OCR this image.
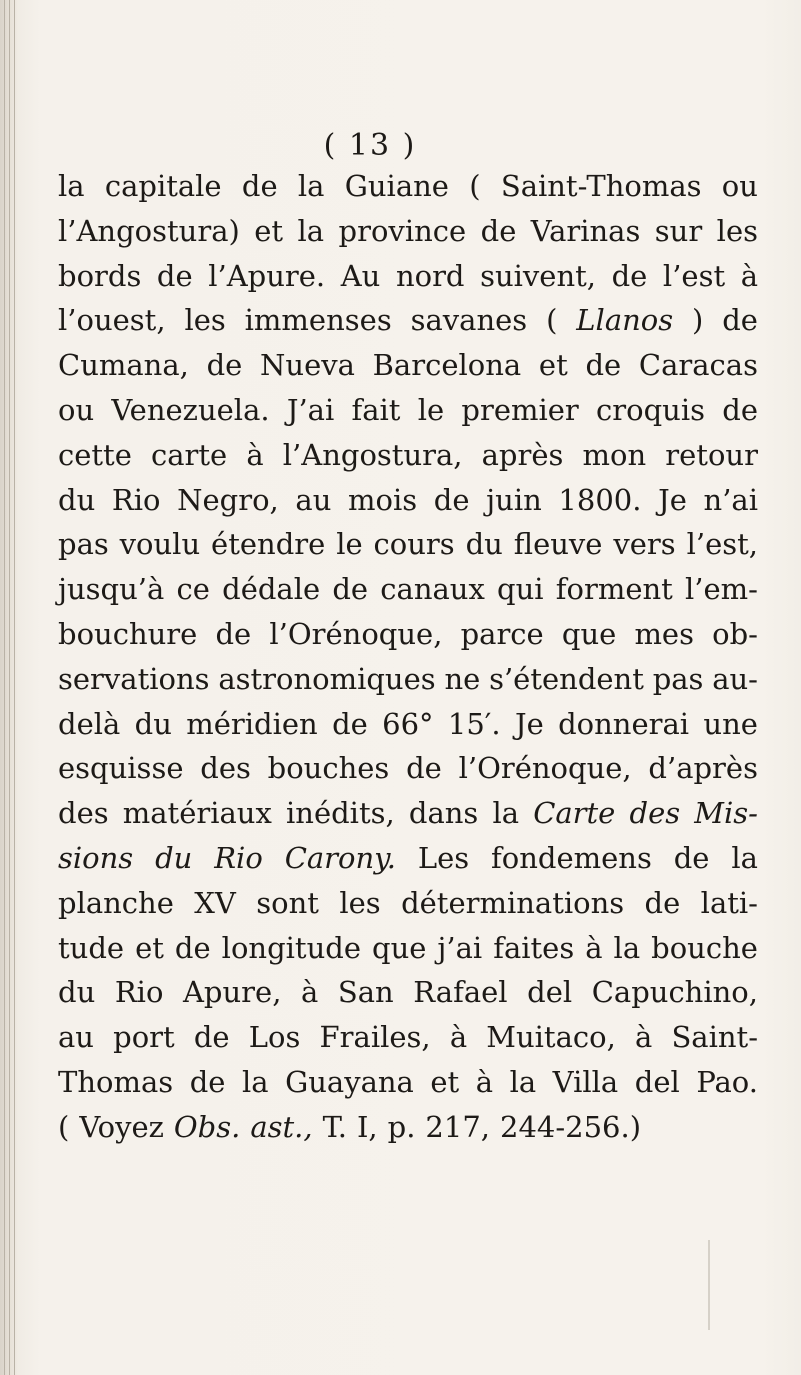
( 13 )
la capitale de la Guiane ( Saint-Thomas ou
l’Angostura) et la province de Varinas sur les
bords de l’Apure. Au nord suivent, de l’est à
l’ouest, les immenses savanes ( Llanos ) de
Cumana, de Nueva Barcelona et de Caracas
ou Venezuela. J’ai fait le premier croquis de
cette carte à l’Angostura, après mon retour
du Rio Negro, au mois de juin 1800. Je n’ai
pas voulu étendre le cours du fleuve vers l’est,
jusqu’à ce dédale de canaux qui forment l’em-
bouchure de l’Orénoque, parce que mes ob-
servations astronomiques ne s’étendent pas au-
delà du méridien de 66° 15′. Je donnerai une
esquisse des bouches de l’Orénoque, d’après
des matériaux inédits, dans la Carte des Mis-
sions du Rio Carony. Les fondemens de la
planche XV sont les déterminations de lati-
tude et de longitude que j’ai faites à la bouche
du Rio Apure, à San Rafael del Capuchino,
au port de Los Frailes, à Muitaco, à Saint-
Thomas de la Guayana et à la Villa del Pao.
( Voyez Obs. ast., T. I, p. 217, 244-256.)
